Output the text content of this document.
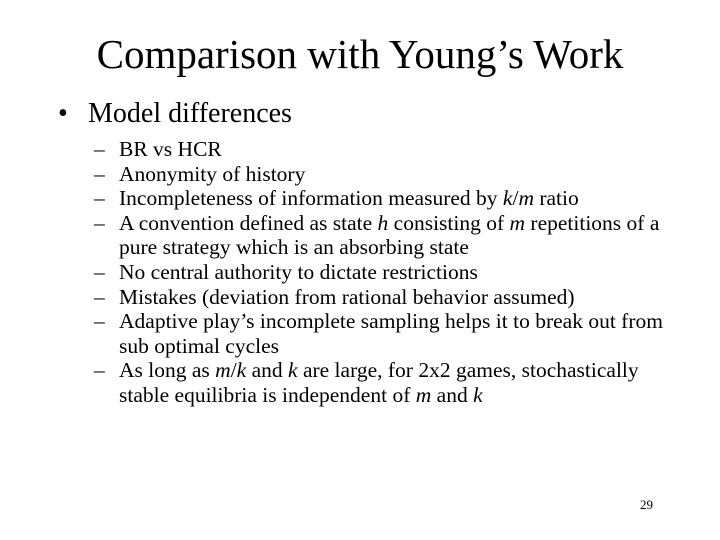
Comparison with Young’s Work
• Model differences
– BR vs HCR
– Anonymity of history
– Incompleteness of information measured by k/m ratio
– A convention defined as state h consisting of m repetitions of a pure strategy which is an absorbing state
– No central authority to dictate restrictions
– Mistakes (deviation from rational behavior assumed)
– Adaptive play’s incomplete sampling helps it to break out from sub optimal cycles
– As long as m/k and k are large, for 2x2 games, stochastically stable equilibria is independent of m and k
29
